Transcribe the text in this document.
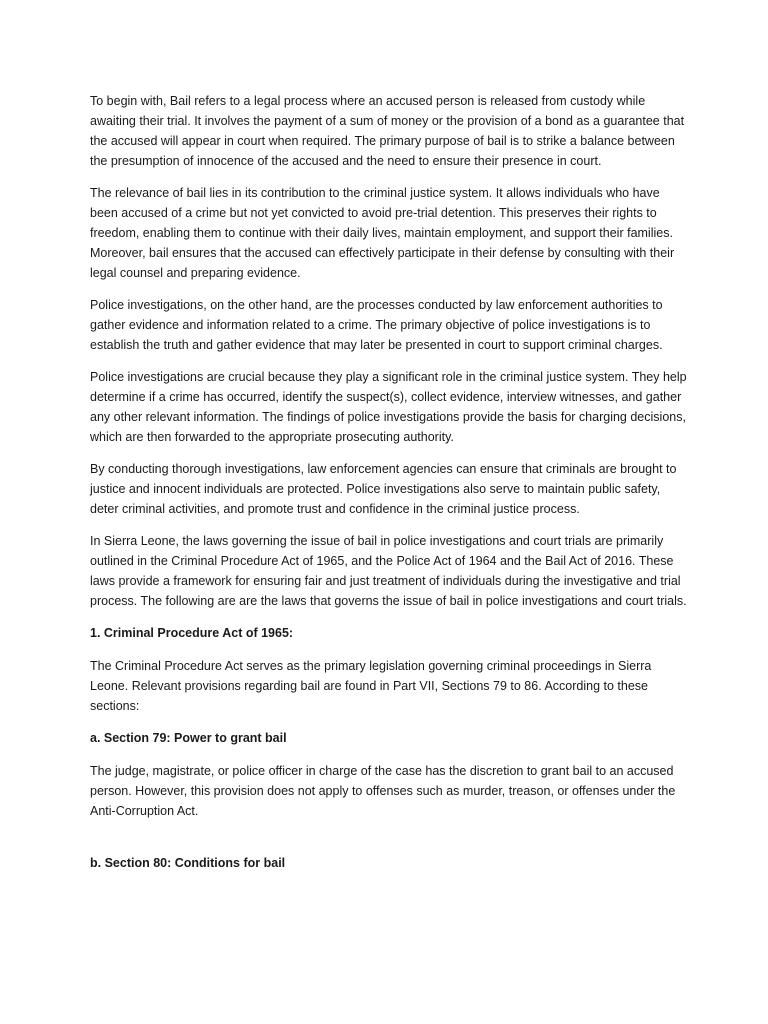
To begin with, Bail refers to a legal process where an accused person is released from custody while awaiting their trial. It involves the payment of a sum of money or the provision of a bond as a guarantee that the accused will appear in court when required. The primary purpose of bail is to strike a balance between the presumption of innocence of the accused and the need to ensure their presence in court.

The relevance of bail lies in its contribution to the criminal justice system. It allows individuals who have been accused of a crime but not yet convicted to avoid pre-trial detention. This preserves their rights to freedom, enabling them to continue with their daily lives, maintain employment, and support their families. Moreover, bail ensures that the accused can effectively participate in their defense by consulting with their legal counsel and preparing evidence.

Police investigations, on the other hand, are the processes conducted by law enforcement authorities to gather evidence and information related to a crime. The primary objective of police investigations is to establish the truth and gather evidence that may later be presented in court to support criminal charges.

Police investigations are crucial because they play a significant role in the criminal justice system. They help determine if a crime has occurred, identify the suspect(s), collect evidence, interview witnesses, and gather any other relevant information. The findings of police investigations provide the basis for charging decisions, which are then forwarded to the appropriate prosecuting authority.

By conducting thorough investigations, law enforcement agencies can ensure that criminals are brought to justice and innocent individuals are protected. Police investigations also serve to maintain public safety, deter criminal activities, and promote trust and confidence in the criminal justice process.

In Sierra Leone, the laws governing the issue of bail in police investigations and court trials are primarily outlined in the Criminal Procedure Act of 1965, and the Police Act of 1964 and the Bail Act of 2016. These laws provide a framework for ensuring fair and just treatment of individuals during the investigative and trial process. The following are are the laws that governs the issue of bail in police investigations and court trials.

1. Criminal Procedure Act of 1965:

The Criminal Procedure Act serves as the primary legislation governing criminal proceedings in Sierra Leone. Relevant provisions regarding bail are found in Part VII, Sections 79 to 86. According to these sections:

a. Section 79: Power to grant bail

The judge, magistrate, or police officer in charge of the case has the discretion to grant bail to an accused person. However, this provision does not apply to offenses such as murder, treason, or offenses under the Anti-Corruption Act.

b. Section 80: Conditions for bail
